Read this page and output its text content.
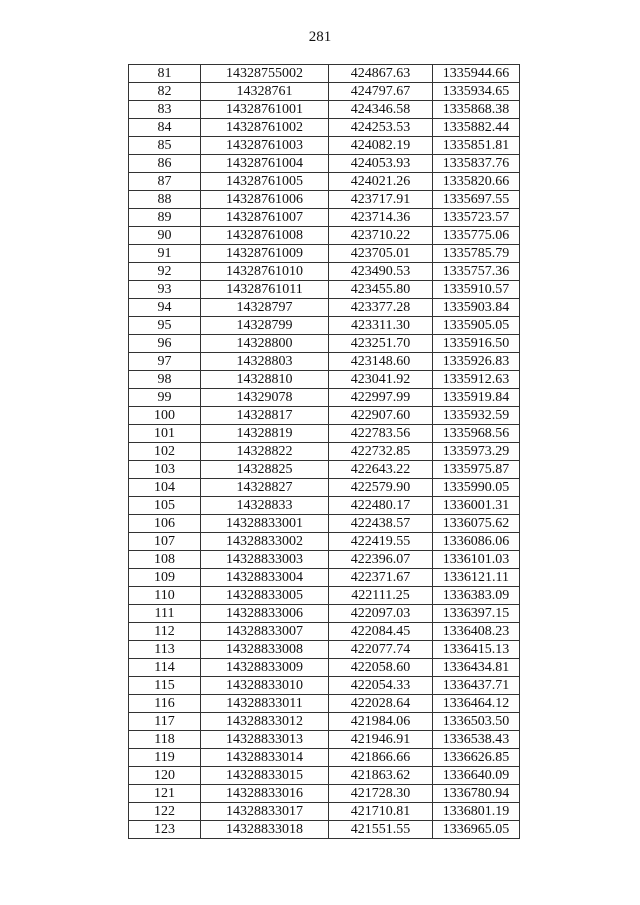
281
81	14328755002	424867.63	1335944.66
82	14328761	424797.67	1335934.65
83	14328761001	424346.58	1335868.38
84	14328761002	424253.53	1335882.44
85	14328761003	424082.19	1335851.81
86	14328761004	424053.93	1335837.76
87	14328761005	424021.26	1335820.66
88	14328761006	423717.91	1335697.55
89	14328761007	423714.36	1335723.57
90	14328761008	423710.22	1335775.06
91	14328761009	423705.01	1335785.79
92	14328761010	423490.53	1335757.36
93	14328761011	423455.80	1335910.57
94	14328797	423377.28	1335903.84
95	14328799	423311.30	1335905.05
96	14328800	423251.70	1335916.50
97	14328803	423148.60	1335926.83
98	14328810	423041.92	1335912.63
99	14329078	422997.99	1335919.84
100	14328817	422907.60	1335932.59
101	14328819	422783.56	1335968.56
102	14328822	422732.85	1335973.29
103	14328825	422643.22	1335975.87
104	14328827	422579.90	1335990.05
105	14328833	422480.17	1336001.31
106	14328833001	422438.57	1336075.62
107	14328833002	422419.55	1336086.06
108	14328833003	422396.07	1336101.03
109	14328833004	422371.67	1336121.11
110	14328833005	422111.25	1336383.09
111	14328833006	422097.03	1336397.15
112	14328833007	422084.45	1336408.23
113	14328833008	422077.74	1336415.13
114	14328833009	422058.60	1336434.81
115	14328833010	422054.33	1336437.71
116	14328833011	422028.64	1336464.12
117	14328833012	421984.06	1336503.50
118	14328833013	421946.91	1336538.43
119	14328833014	421866.66	1336626.85
120	14328833015	421863.62	1336640.09
121	14328833016	421728.30	1336780.94
122	14328833017	421710.81	1336801.19
123	14328833018	421551.55	1336965.05
